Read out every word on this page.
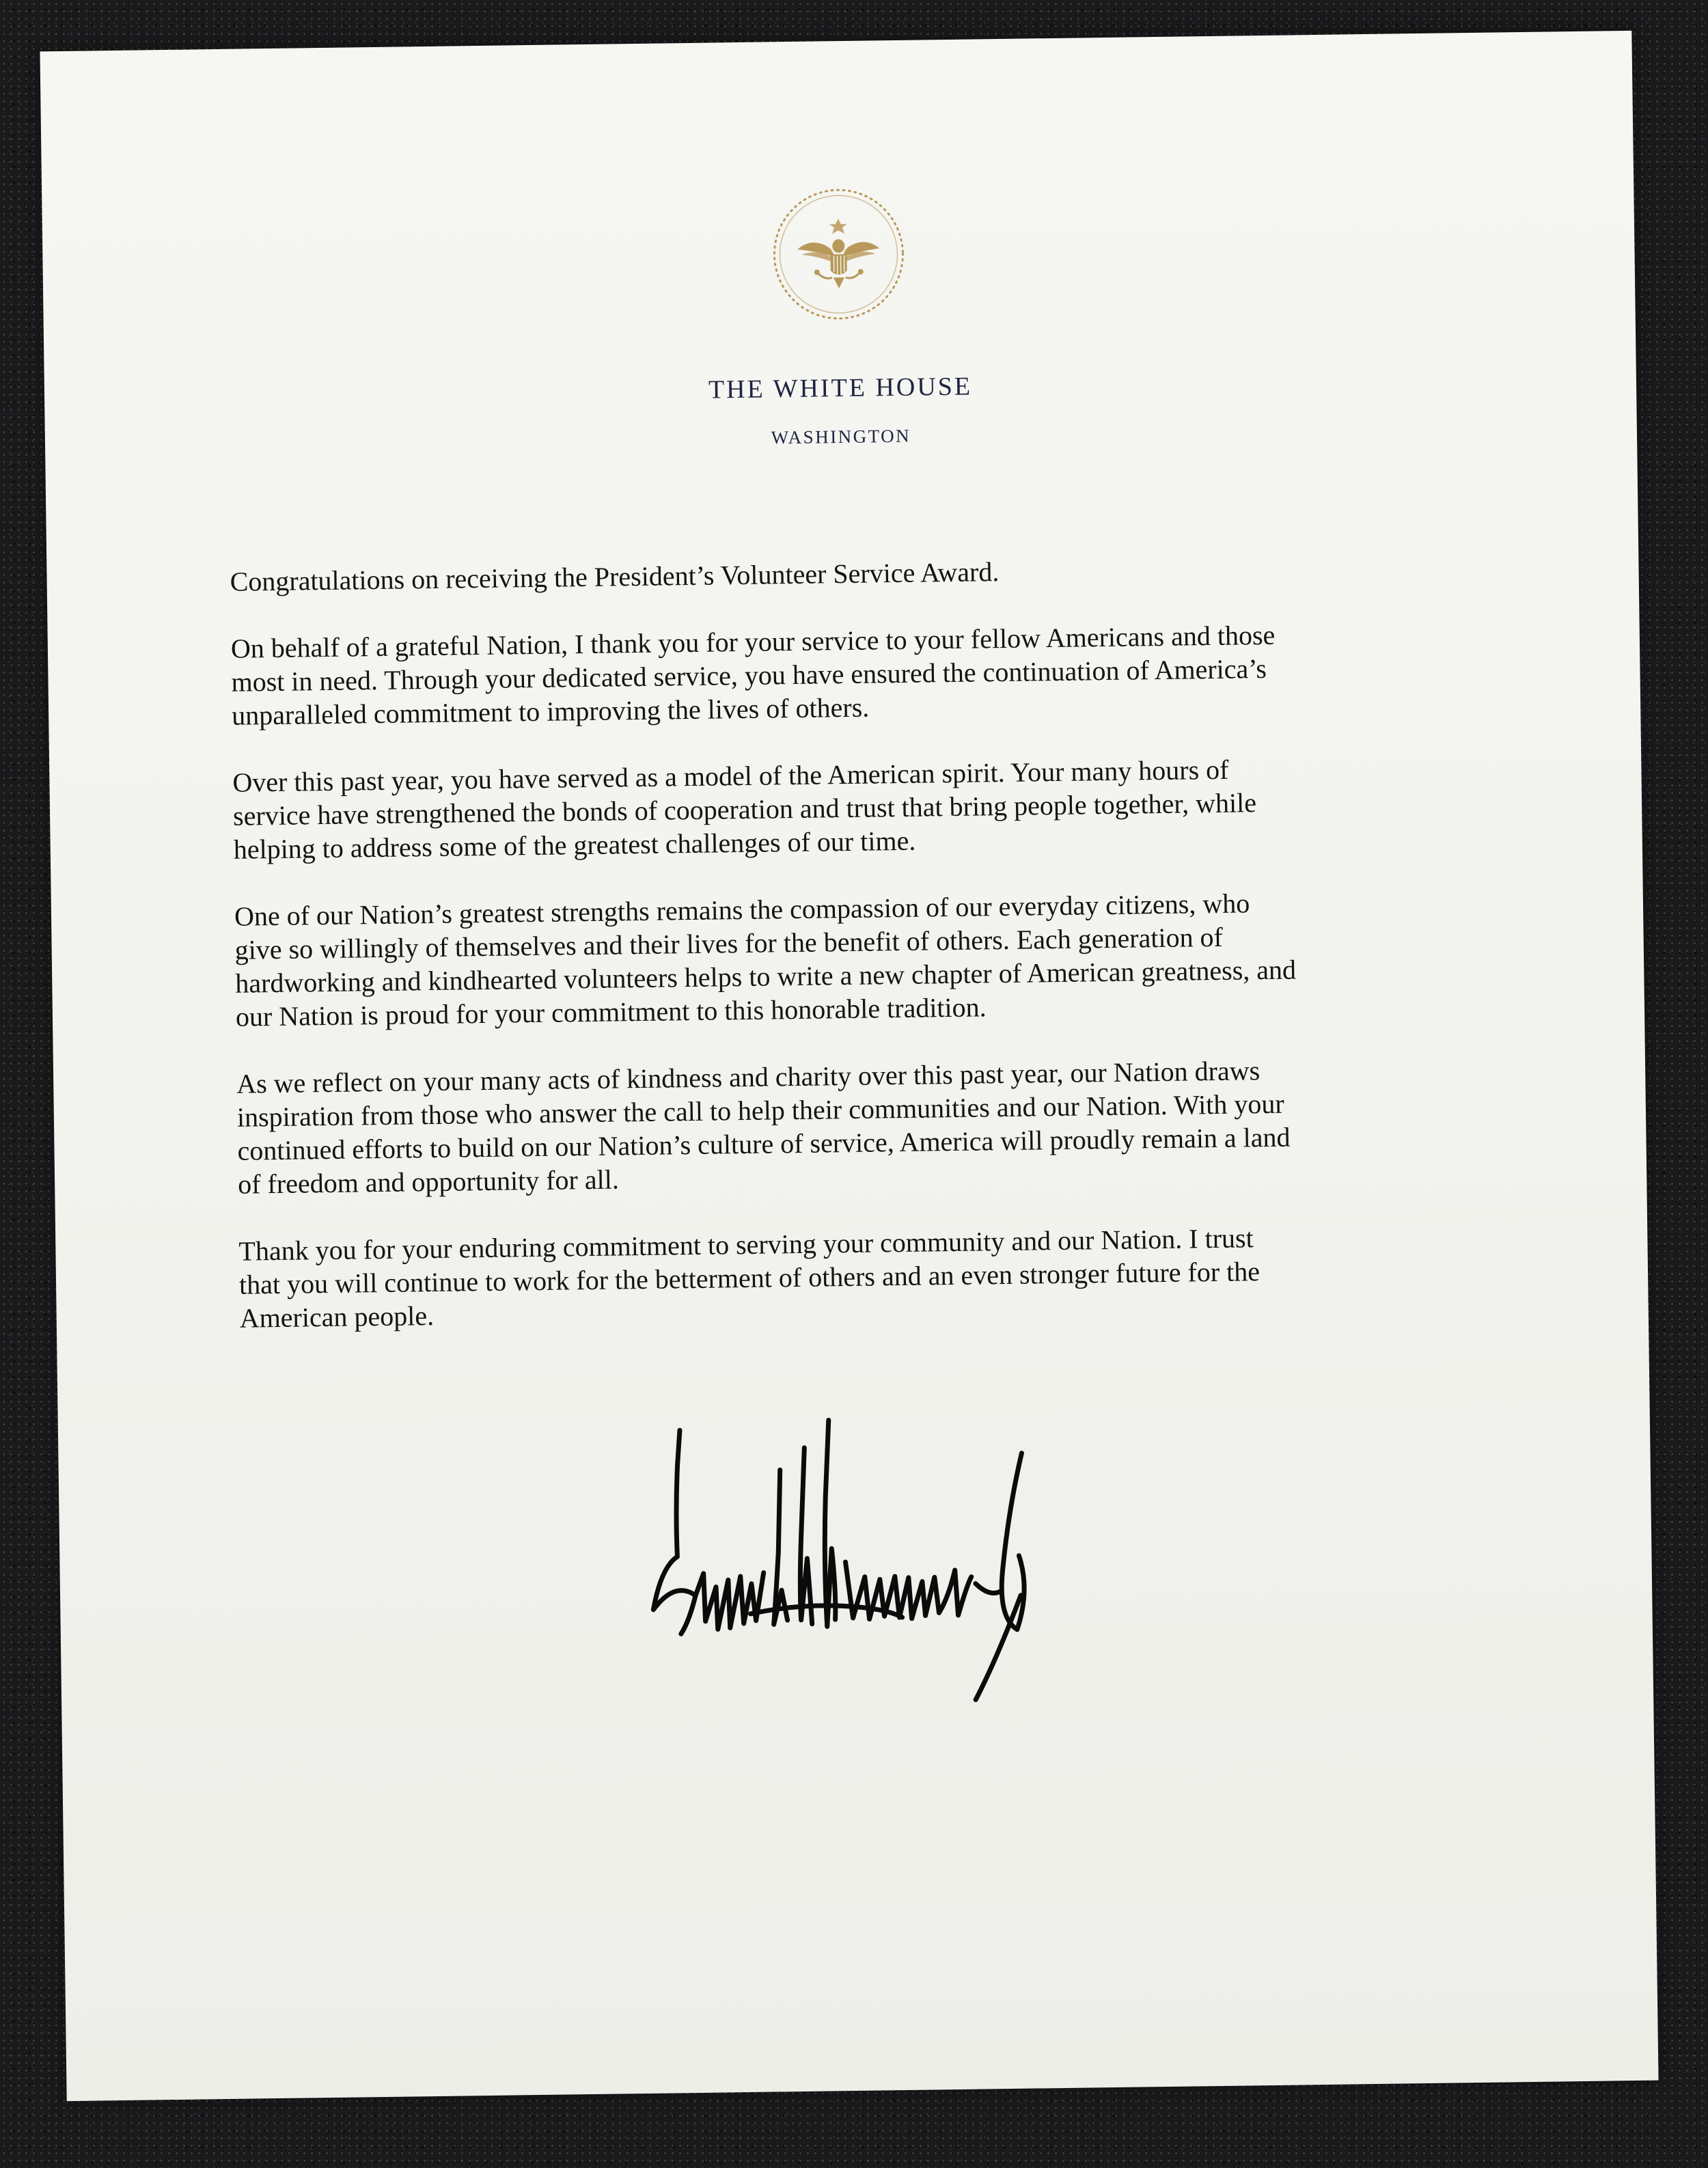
THE WHITE HOUSE
WASHINGTON

Congratulations on receiving the President’s Volunteer Service Award.

On behalf of a grateful Nation, I thank you for your service to your fellow Americans and those
most in need. Through your dedicated service, you have ensured the continuation of America’s
unparalleled commitment to improving the lives of others.

Over this past year, you have served as a model of the American spirit. Your many hours of
service have strengthened the bonds of cooperation and trust that bring people together, while
helping to address some of the greatest challenges of our time.

One of our Nation’s greatest strengths remains the compassion of our everyday citizens, who
give so willingly of themselves and their lives for the benefit of others. Each generation of
hardworking and kindhearted volunteers helps to write a new chapter of American greatness, and
our Nation is proud for your commitment to this honorable tradition.

As we reflect on your many acts of kindness and charity over this past year, our Nation draws
inspiration from those who answer the call to help their communities and our Nation. With your
continued efforts to build on our Nation’s culture of service, America will proudly remain a land
of freedom and opportunity for all.

Thank you for your enduring commitment to serving your community and our Nation. I trust
that you will continue to work for the betterment of others and an even stronger future for the
American people.
